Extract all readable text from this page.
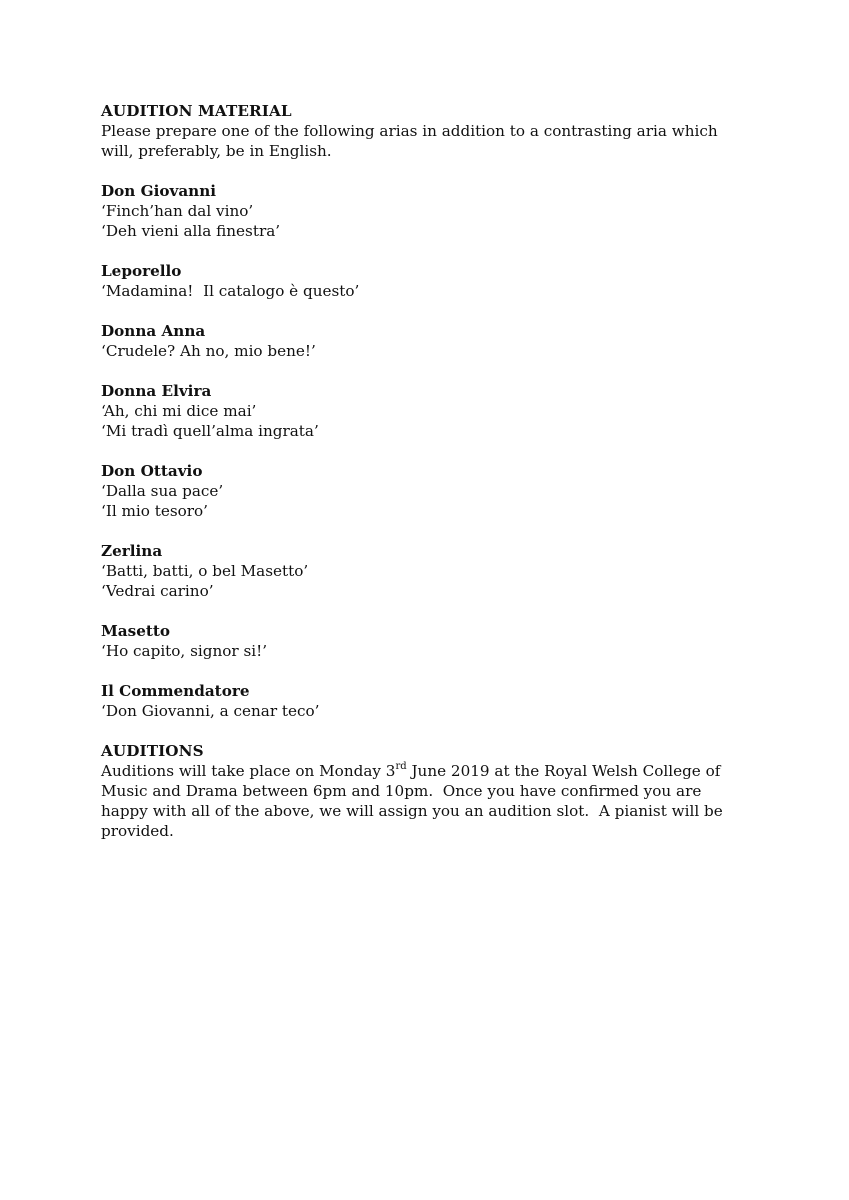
AUDITION MATERIAL

Please prepare one of the following arias in addition to a contrasting aria which will, preferably, be in English.

Don Giovanni
‘Finch’han dal vino’
‘Deh vieni alla finestra’
Leporello
‘Madamina!  Il catalogo è questo’
Donna Anna
‘Crudele? Ah no, mio bene!’
Donna Elvira
‘Ah, chi mi dice mai’
‘Mi tradì quell’alma ingrata’
Don Ottavio
‘Dalla sua pace’
‘Il mio tesoro’
Zerlina
‘Batti, batti, o bel Masetto’
‘Vedrai carino’
Masetto
‘Ho capito, signor si!’
Il Commendatore
‘Don Giovanni, a cenar teco’
AUDITIONS

Auditions will take place on Monday 3rd June 2019 at the Royal Welsh College of Music and Drama between 6pm and 10pm.  Once you have confirmed you are happy with all of the above, we will assign you an audition slot.  A pianist will be provided.
